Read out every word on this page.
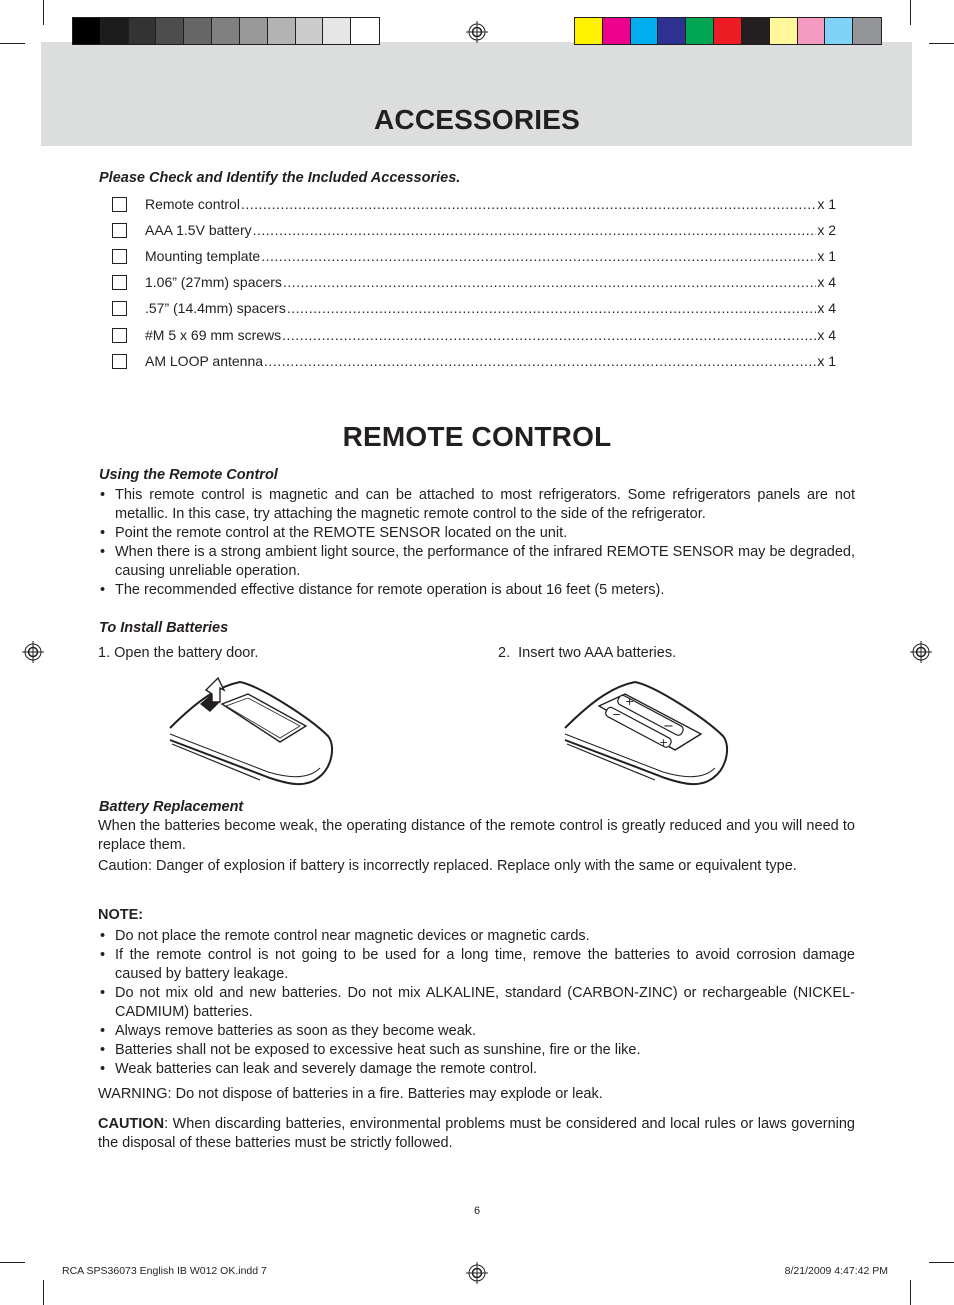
ACCESSORIES
Please Check and Identify the Included Accessories.
Remote control .....	x 1
AAA 1.5V battery .....	x 2
Mounting template .....	x 1
1.06” (27mm) spacers .....	x 4
.57” (14.4mm) spacers .....	x 4
#M 5 x 69 mm screws .....	x 4
AM LOOP antenna .....	x 1
REMOTE CONTROL
Using the Remote Control
• This remote control is magnetic and can be attached to most refrigerators. Some refrigerators panels are not metallic. In this case, try attaching the magnetic remote control to the side of the refrigerator.
• Point the remote control at the REMOTE SENSOR located on the unit.
• When there is a strong ambient light source, the performance of the infrared REMOTE SENSOR may be degraded, causing unreliable operation.
• The recommended effective distance for remote operation is about 16 feet (5 meters).
To Install Batteries
1. Open the battery door.	2.  Insert two AAA batteries.
+
−
+
−
Battery Replacement
When the batteries become weak, the operating distance of the remote control is greatly reduced and you will need to replace them.
Caution: Danger of explosion if battery is incorrectly replaced. Replace only with the same or equivalent type.
NOTE:
• Do not place the remote control near magnetic devices or magnetic cards.
• If the remote control is not going to be used for a long time, remove the batteries to avoid corrosion damage caused by battery leakage.
• Do not mix old and new batteries. Do not mix ALKALINE, standard (CARBON-ZINC) or rechargeable (NICKEL-CADMIUM) batteries.
• Always remove batteries as soon as they become weak.
• Batteries shall not be exposed to excessive heat such as sunshine, fire or the like.
• Weak batteries can leak and severely damage the remote control.
WARNING: Do not dispose of batteries in a fire. Batteries may explode or leak.
CAUTION: When discarding batteries, environmental problems must be considered and local rules or laws governing the disposal of these batteries must be strictly followed.
6
RCA SPS36073 English IB W012 OK.indd 7	8/21/2009 4:47:42 PM
